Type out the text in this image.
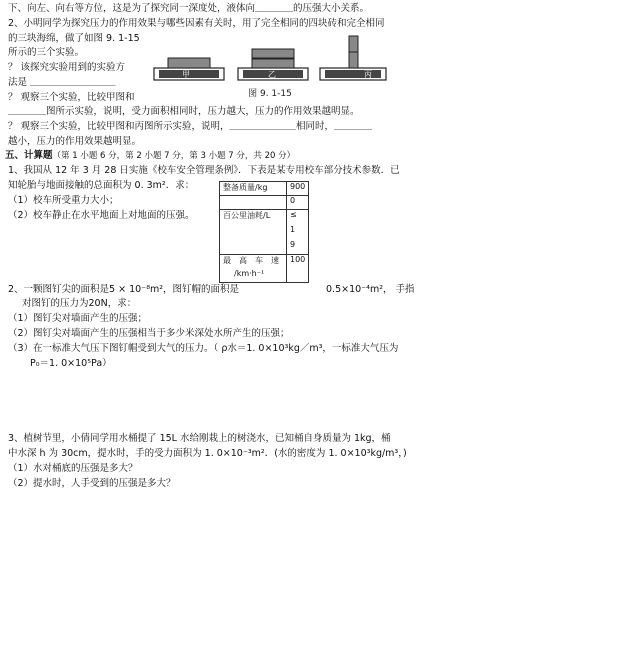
下、向左、向右等方位，这是为了探究同一深度处，液体向＿＿＿＿的压强大小关系。
2、小明同学为探究压力的作用效果与哪些因素有关时，用了完全相同的四块砖和完全相同
的三块海绵，做了如图 9. 1-15
所示的三个实验。
？ 该探究实验用到的实验方
法是 ＿＿＿＿＿＿＿＿＿
？ 观察三个实验，比较甲图和
＿＿＿＿图所示实验，说明，受力面积相同时，压力越大，压力的作用效果越明显。
？ 观察三个实验，比较甲图和丙图所示实验，说明，＿＿＿＿＿＿＿相同时，＿＿＿＿
越小，压力的作用效果越明显。
甲	乙	丙
图 9. 1-15
五、计算题（第 1 小题 6 分，第 2 小题 7 分，第 3 小题 7 分，共 20 分）
1、我国从 12 年 3 月 28 日实施《校车安全管理条例》．下表是某专用校车部分技术参数．已
知轮胎与地面接触的总面积为 0. 3m²．求：
（1）校车所受重力大小；
（2）校车静止在水平地面上对地面的压强。
整备质量/kg	900
	0
百公里油耗/L	≤
	1
	9
最　高　车　速	100
/km·h⁻¹	
2、一颗图钉尖的面积是5 × 10⁻⁸m²，图钉帽的面积是	0.5×10⁻⁴m²， 手指
对图钉的压力为20N，求：
（1）图钉尖对墙面产生的压强；
（2）图钉尖对墙面产生的压强相当于多少米深处水所产生的压强；
（3）在一标准大气压下图钉帽受到大气的压力。（ ρ水＝1. 0×10³kg／m³，一标准大气压为
P₀＝1. 0×10⁵Pa）
3、植树节里，小倩同学用水桶提了 15L 水给刚栽上的树浇水，已知桶自身质量为 1kg，桶
中水深 h 为 30cm，提水时，手的受力面积为 1. 0×10⁻³m²．(水的密度为 1. 0×10³kg/m³，)
（1）水对桶底的压强是多大？
（2）提水时，人手受到的压强是多大？
